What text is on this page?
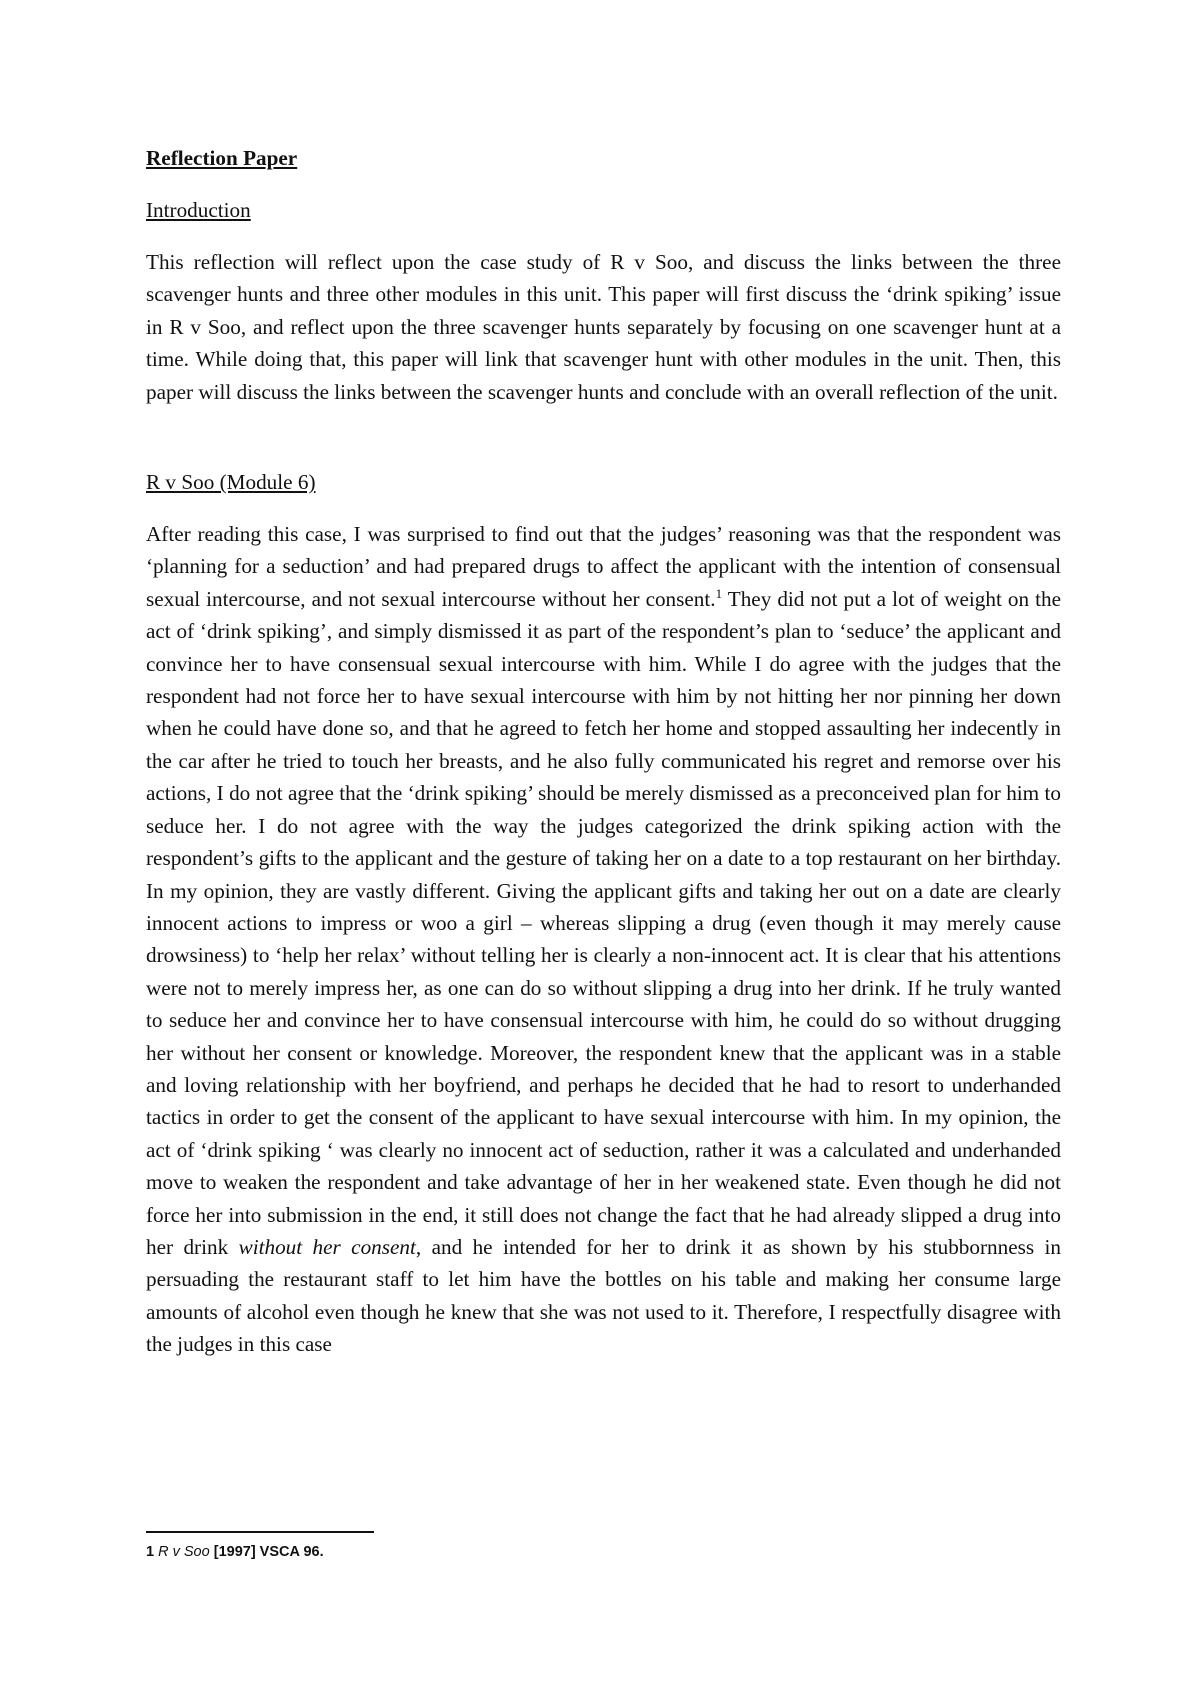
Reflection Paper

Introduction

This reflection will reflect upon the case study of R v Soo, and discuss the links between the three scavenger hunts and three other modules in this unit. This paper will first discuss the ‘drink spiking’ issue in R v Soo, and reflect upon the three scavenger hunts separately by focusing on one scavenger hunt at a time. While doing that, this paper will link that scavenger hunt with other modules in the unit. Then, this paper will discuss the links between the scavenger hunts and conclude with an overall reflection of the unit.

R v Soo (Module 6)

After reading this case, I was surprised to find out that the judges’ reasoning was that the respondent was ‘planning for a seduction’ and had prepared drugs to affect the applicant with the intention of consensual sexual intercourse, and not sexual intercourse without her consent.$^1$ They did not put a lot of weight on the act of ‘drink spiking’, and simply dismissed it as part of the respondent’s plan to ‘seduce’ the applicant and convince her to have consensual sexual intercourse with him. While I do agree with the judges that the respondent had not force her to have sexual intercourse with him by not hitting her nor pinning her down when he could have done so, and that he agreed to fetch her home and stopped assaulting her indecently in the car after he tried to touch her breasts, and he also fully communicated his regret and remorse over his actions, I do not agree that the ‘drink spiking’ should be merely dismissed as a preconceived plan for him to seduce her. I do not agree with the way the judges categorized the drink spiking action with the respondent’s gifts to the applicant and the gesture of taking her on a date to a top restaurant on her birthday. In my opinion, they are vastly different. Giving the applicant gifts and taking her out on a date are clearly innocent actions to impress or woo a girl – whereas slipping a drug (even though it may merely cause drowsiness) to ‘help her relax’ without telling her is clearly a non-innocent act. It is clear that his attentions were not to merely impress her, as one can do so without slipping a drug into her drink. If he truly wanted to seduce her and convince her to have consensual intercourse with him, he could do so without drugging her without her consent or knowledge. Moreover, the respondent knew that the applicant was in a stable and loving relationship with her boyfriend, and perhaps he decided that he had to resort to underhanded tactics in order to get the consent of the applicant to have sexual intercourse with him. In my opinion, the act of ‘drink spiking ‘ was clearly no innocent act of seduction, rather it was a calculated and underhanded move to weaken the respondent and take advantage of her in her weakened state. Even though he did not force her into submission in the end, it still does not change the fact that he had already slipped a drug into her drink without her consent, and he intended for her to drink it as shown by his stubbornness in persuading the restaurant staff to let him have the bottles on his table and making her consume large amounts of alcohol even though he knew that she was not used to it. Therefore, I respectfully disagree with the judges in this case

1 R v Soo [1997] VSCA 96.
